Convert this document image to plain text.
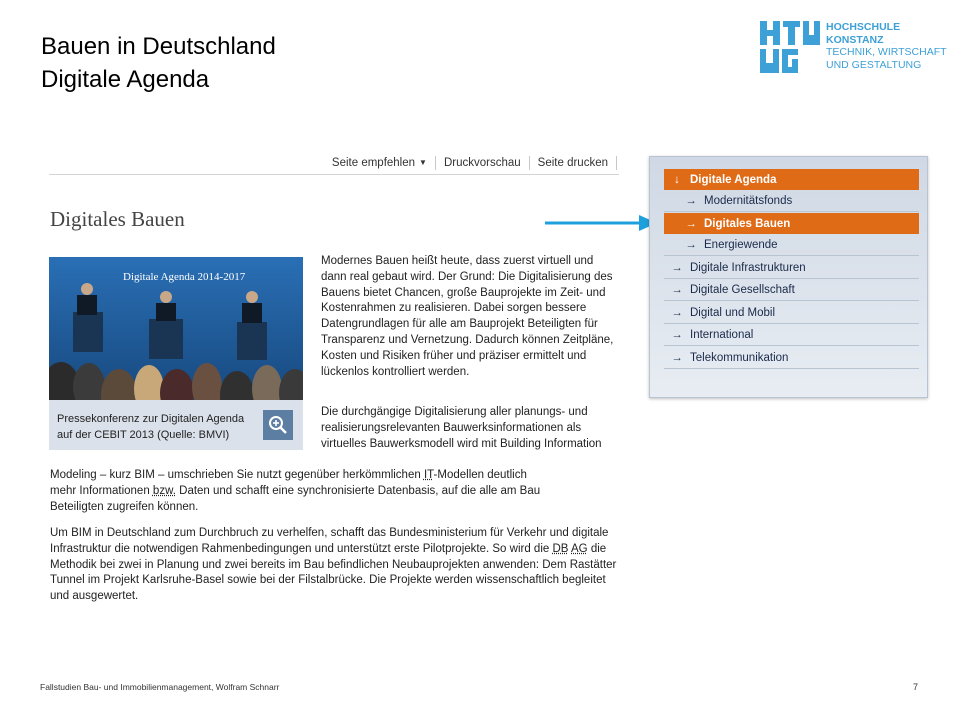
Bauen in Deutschland
Digitale Agenda
HOCHSCHULE
KONSTANZ
TECHNIK, WIRTSCHAFT
UND GESTALTUNG
Seite empfehlen ▼	Druckvorschau	Seite drucken
Digitales Bauen
Digitale Agenda 2014-2017
Pressekonferenz zur Digitalen Agenda auf der CEBIT 2013 (Quelle: BMVI)
Modernes Bauen heißt heute, dass zuerst virtuell und dann real gebaut wird. Der Grund: Die Digitalisierung des Bauens bietet Chancen, große Bauprojekte im Zeit- und Kostenrahmen zu realisieren. Dabei sorgen bessere Datengrundlagen für alle am Bauprojekt Beteiligten für Transparenz und Vernetzung. Dadurch können Zeitpläne, Kosten und Risiken früher und präziser ermittelt und lückenlos kontrolliert werden.
Die durchgängige Digitalisierung aller planungs- und realisierungsrelevanten Bauwerksinformationen als virtuelles Bauwerksmodell wird mit Building Information
Modeling – kurz BIM – umschrieben Sie nutzt gegenüber herkömmlichen IT-Modellen deutlich
mehr Informationen bzw. Daten und schafft eine synchronisierte Datenbasis, auf die alle am Bau
Beteiligten zugreifen können.
Um BIM in Deutschland zum Durchbruch zu verhelfen, schafft das Bundesministerium für Verkehr und digitale Infrastruktur die notwendigen Rahmenbedingungen und unterstützt erste Pilotprojekte. So wird die DB AG die Methodik bei zwei in Planung und zwei bereits im Bau befindlichen Neubauprojekten anwenden: Dem Rastätter Tunnel im Projekt Karlsruhe-Basel sowie bei der Filstalbrücke. Die Projekte werden wissenschaftlich begleitet und ausgewertet.
↓ Digitale Agenda
→ Modernitätsfonds
→ Digitales Bauen
→ Energiewende
→ Digitale Infrastrukturen
→ Digitale Gesellschaft
→ Digital und Mobil
→ International
→ Telekommunikation
Fallstudien Bau- und Immobilienmanagement, Wolfram Schnarr	7
